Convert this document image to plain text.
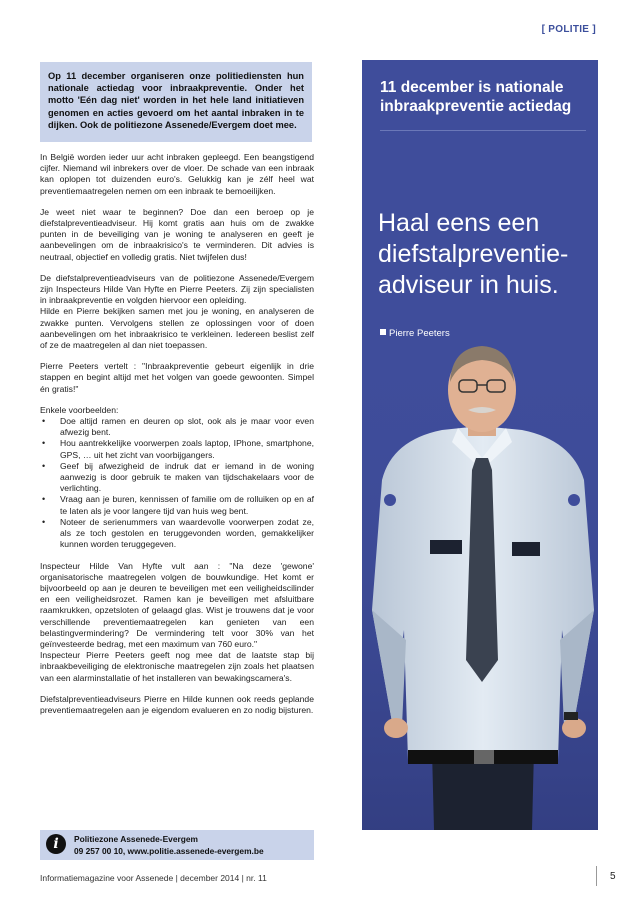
[ POLITIE ]
Op 11 december organiseren onze politiediensten hun nationale actiedag voor inbraakpreventie. Onder het motto 'Eén dag niet' worden in het hele land initiatieven genomen en acties gevoerd om het aantal inbraken in te dijken. Ook de politiezone Assenede/Evergem doet mee.

In België worden ieder uur acht inbraken gepleegd. Een beangstigend cijfer. Niemand wil inbrekers over de vloer. De schade van een inbraak kan oplopen tot duizenden euro's. Gelukkig kan je zélf heel wat preventiemaatregelen nemen om een inbraak te bemoeilijken.

Je weet niet waar te beginnen? Doe dan een beroep op je diefstalpreventieadviseur. Hij komt gratis aan huis om de zwakke punten in de beveiliging van je woning te analyseren en geeft je aanbevelingen om de inbraakrisico's te verminderen. Dit advies is neutraal, objectief en volledig gratis. Niet twijfelen dus!

De diefstalpreventieadviseurs van de politiezone Assenede/Evergem zijn Inspecteurs Hilde Van Hyfte en Pierre Peeters. Zij zijn specialisten in inbraakpreventie en volgden hiervoor een opleiding.

Hilde en Pierre bekijken samen met jou je woning, en analyseren de zwakke punten. Vervolgens stellen ze oplossingen voor of doen aanbevelingen om het inbraakrisico te verkleinen. Iedereen beslist zelf of ze de maatregelen al dan niet toepassen.

Pierre Peeters vertelt : "Inbraakpreventie gebeurt eigenlijk in drie stappen en begint altijd met het volgen van goede gewoonten. Simpel én gratis!"

Enkele voorbeelden:

• Doe altijd ramen en deuren op slot, ook als je maar voor even afwezig bent.
• Hou aantrekkelijke voorwerpen zoals laptop, IPhone, smartphone, GPS, … uit het zicht van voorbijgangers.
• Geef bij afwezigheid de indruk dat er iemand in de woning aanwezig is door gebruik te maken van tijdschakelaars voor de verlichting.
• Vraag aan je buren, kennissen of familie om de rolluiken op en af te laten als je voor langere tijd van huis weg bent.
• Noteer de serienummers van waardevolle voorwerpen zodat ze, als ze toch gestolen en teruggevonden worden, gemakkelijker kunnen worden teruggegeven.

Inspecteur Hilde Van Hyfte vult aan : "Na deze 'gewone' organisatorische maatregelen volgen de bouwkundige. Het komt er bijvoorbeeld op aan je deuren te beveiligen met een veiligheidscilinder en een veiligheidsrozet. Ramen kan je beveiligen met afsluitbare raamkrukken, opzetsloten of gelaagd glas. Wist je trouwens dat je voor verschillende preventiemaatregelen kan genieten van een belastingvermindering? De vermindering telt voor 30% van het geïnvesteerde bedrag, met een maximum van 760 euro."

Inspecteur Pierre Peeters geeft nog mee dat de laatste stap bij inbraakbeveiliging de elektronische maatregelen zijn zoals het plaatsen van een alarminstallatie of het installeren van bewakingscamera's.

Diefstalpreventieadviseurs Pierre en Hilde kunnen ook reeds geplande preventiemaatregelen aan je eigendom evalueren en zo nodig bijsturen.

11 december is nationale inbraakpreventie actiedag
Haal eens een diefstalpreventie-adviseur in huis.
i	Politiezone Assenede-Evergem
09 257 00 10, www.politie.assenede-evergem.be
Informatiemagazine voor Assenede | december 2014 | nr. 11	5
